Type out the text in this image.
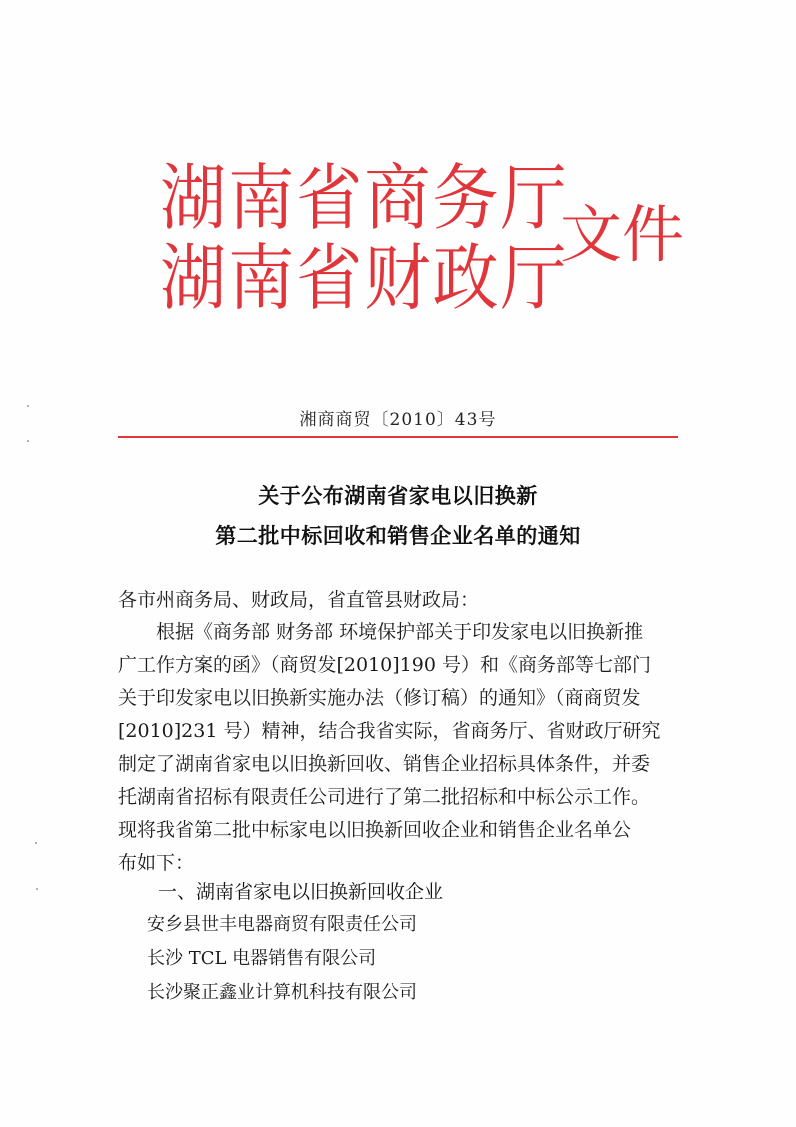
湖南省商务厅
湖南省财政厅
文件
湘商商贸〔2010〕43号
关于公布湖南省家电以旧换新
第二批中标回收和销售企业名单的通知
各市州商务局、财政局，省直管县财政局：
根据《商务部 财务部 环境保护部关于印发家电以旧换新推
广工作方案的函》（商贸发[2010]190 号）和《商务部等七部门
关于印发家电以旧换新实施办法（修订稿）的通知》（商商贸发
[2010]231 号）精神，结合我省实际，省商务厅、省财政厅研究
制定了湖南省家电以旧换新回收、销售企业招标具体条件，并委
托湖南省招标有限责任公司进行了第二批招标和中标公示工作。
现将我省第二批中标家电以旧换新回收企业和销售企业名单公
布如下：
一、湖南省家电以旧换新回收企业
安乡县世丰电器商贸有限责任公司
长沙 TCL 电器销售有限公司
长沙聚正鑫业计算机科技有限公司
